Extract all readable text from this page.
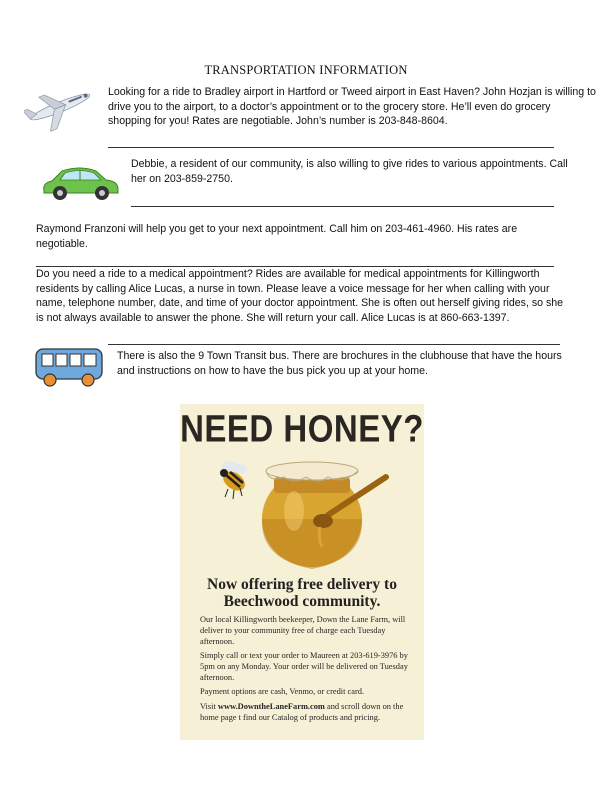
TRANSPORTATION INFORMATION
Looking for a ride to Bradley airport in Hartford or Tweed airport in East Haven? John Hozjan is willing to drive you to the airport, to a doctor’s appointment or to the grocery store. He’ll even do grocery shopping for you! Rates are negotiable. John’s number is 203-848-8604.
Debbie, a resident of our community, is also willing to give rides to various appointments. Call her on 203-859-2750.
Raymond Franzoni will help you get to your next appointment. Call him on 203-461-4960. His rates are negotiable.
Do you need a ride to a medical appointment? Rides are available for medical appointments for Killingworth residents by calling Alice Lucas, a nurse in town. Please leave a voice message for her when calling with your name, telephone number, date, and time of your doctor appointment. She is often out herself giving rides, so she is not always available to answer the phone. She will return your call. Alice Lucas is at 860-663-1397.
There is also the 9 Town Transit bus. There are brochures in the clubhouse that have the hours and instructions on how to have the bus pick you up at your home.
NEED HONEY?
Now offering free delivery to
Beechwood community.
Our local Killingworth beekeeper, Down the Lane Farm, will deliver to your community free of charge each Tuesday afternoon.
Simply call or text your order to Maureen at 203-619-3976 by 5pm on any Monday. Your order will be delivered on Tuesday afternoon.
Payment options are cash, Venmo, or credit card.
Visit www.DowntheLaneFarm.com and scroll down on the home page t find our Catalog of products and pricing.
